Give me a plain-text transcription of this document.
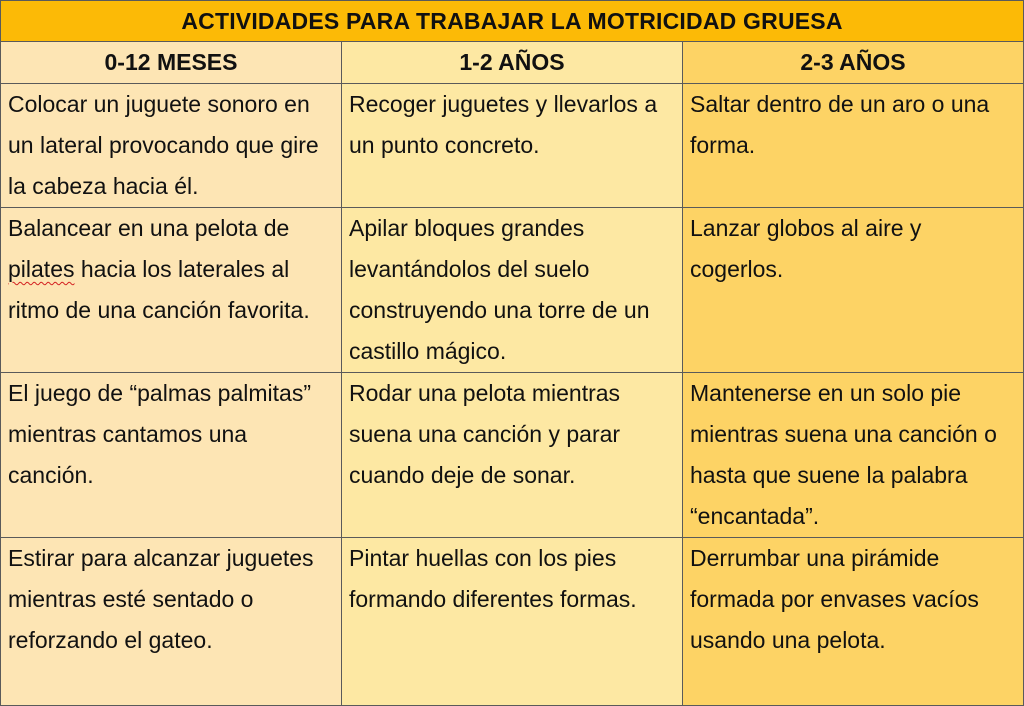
ACTIVIDADES PARA TRABAJAR LA MOTRICIDAD GRUESA		
0-12 MESES	1-2 AÑOS	2-3 AÑOS
Colocar un juguete sonoro en un lateral provocando que gire la cabeza hacia él.	Recoger juguetes y llevarlos a un punto concreto.	Saltar dentro de un aro o una forma.
Balancear en una pelota de pilates hacia los laterales al ritmo de una canción favorita.	Apilar bloques grandes levantándolos del suelo construyendo una torre de un castillo mágico.	Lanzar globos al aire y cogerlos.
El juego de “palmas palmitas” mientras cantamos una canción.	Rodar una pelota mientras suena una canción y parar cuando deje de sonar.	Mantenerse en un solo pie mientras suena una canción o hasta que suene la palabra “encantada”.
Estirar para alcanzar juguetes mientras esté sentado o reforzando el gateo.	Pintar huellas con los pies formando diferentes formas.	Derrumbar una pirámide formada por envases vacíos usando una pelota.
